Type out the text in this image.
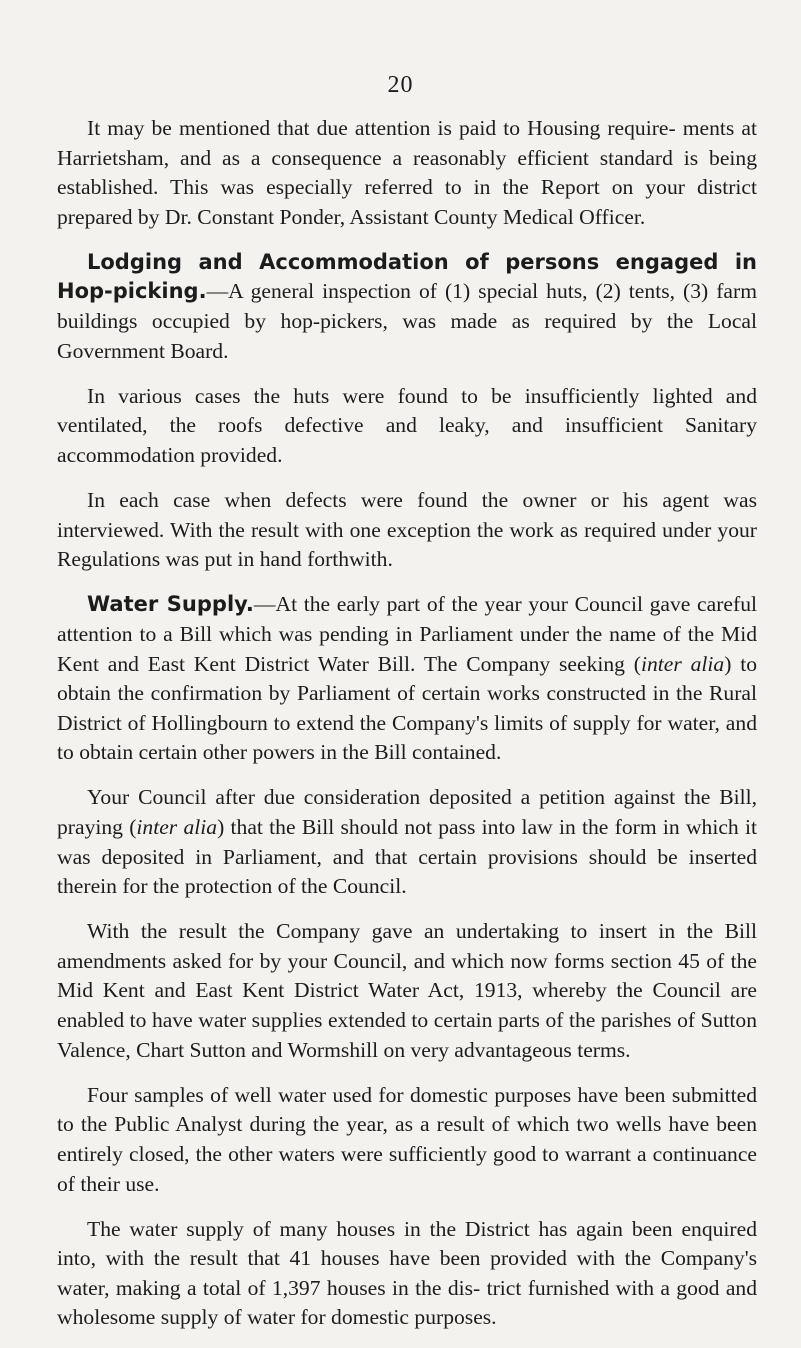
20

It may be mentioned that due attention is paid to Housing require- ments at Harrietsham, and as a consequence a reasonably efficient standard is being established. This was especially referred to in the Report on your district prepared by Dr. Constant Ponder, Assistant County Medical Officer.

Lodging and Accommodation of persons engaged in Hop-picking.—A general inspection of (1) special huts, (2) tents, (3) farm buildings occupied by hop-pickers, was made as required by the Local Government Board.

In various cases the huts were found to be insufficiently lighted and ventilated, the roofs defective and leaky, and insufficient Sanitary accommodation provided.

In each case when defects were found the owner or his agent was interviewed. With the result with one exception the work as required under your Regulations was put in hand forthwith.

Water Supply.—At the early part of the year your Council gave careful attention to a Bill which was pending in Parliament under the name of the Mid Kent and East Kent District Water Bill. The Company seeking (inter alia) to obtain the confirmation by Parliament of certain works constructed in the Rural District of Hollingbourn to extend the Company's limits of supply for water, and to obtain certain other powers in the Bill contained.

Your Council after due consideration deposited a petition against the Bill, praying (inter alia) that the Bill should not pass into law in the form in which it was deposited in Parliament, and that certain provisions should be inserted therein for the protection of the Council.

With the result the Company gave an undertaking to insert in the Bill amendments asked for by your Council, and which now forms section 45 of the Mid Kent and East Kent District Water Act, 1913, whereby the Council are enabled to have water supplies extended to certain parts of the parishes of Sutton Valence, Chart Sutton and Wormshill on very advantageous terms.

Four samples of well water used for domestic purposes have been submitted to the Public Analyst during the year, as a result of which two wells have been entirely closed, the other waters were sufficiently good to warrant a continuance of their use.

The water supply of many houses in the District has again been enquired into, with the result that 41 houses have been provided with the Company's water, making a total of 1,397 houses in the dis- trict furnished with a good and wholesome supply of water for domestic purposes.
